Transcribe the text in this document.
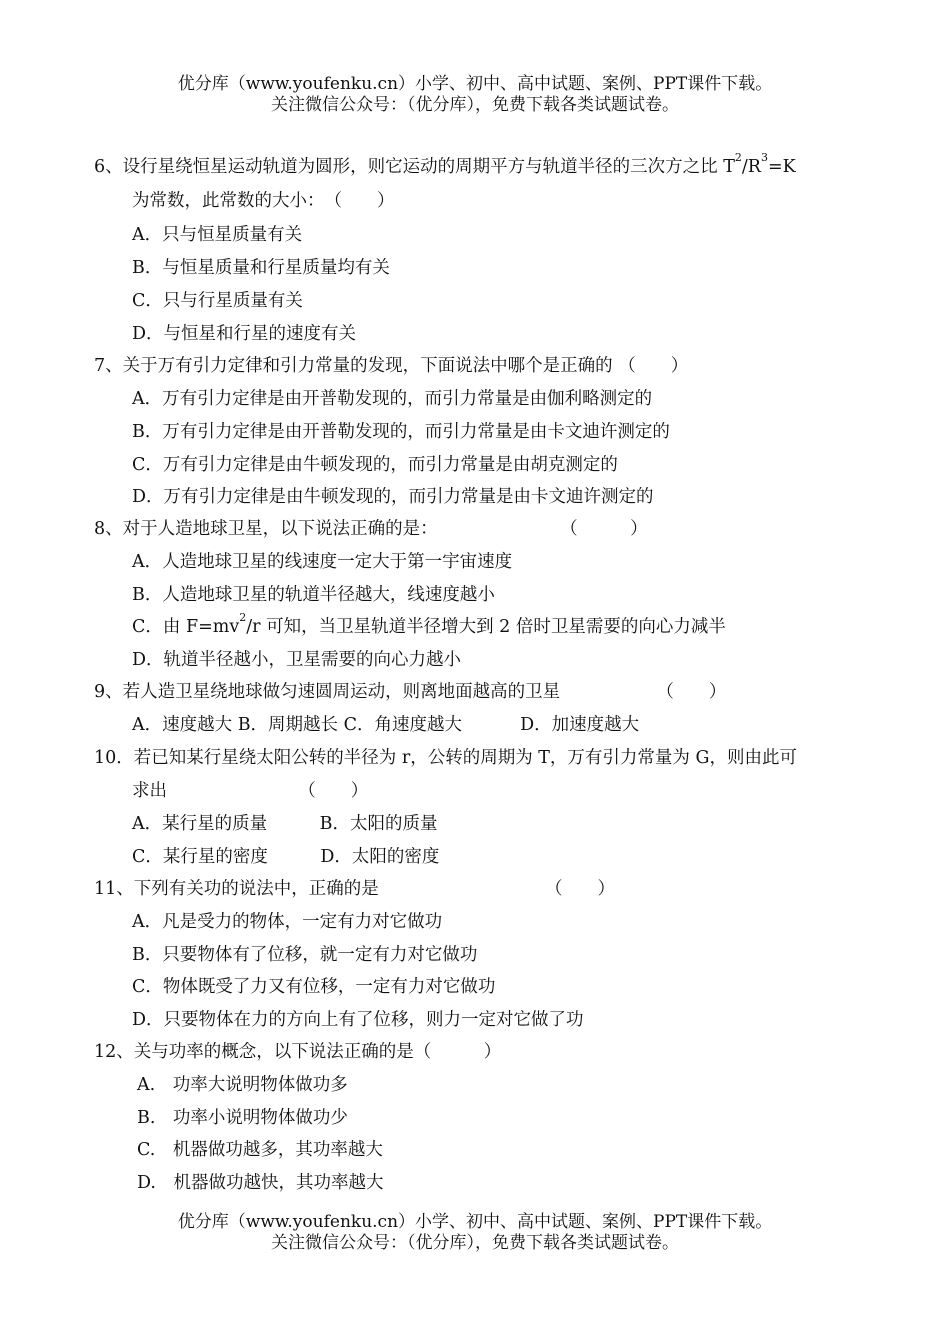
优分库（www.youfenku.cn）小学、初中、高中试题、案例、PPT课件下载。
关注微信公众号：（优分库），免费下载各类试题试卷。
6、设行星绕恒星运动轨道为圆形，则它运动的周期平方与轨道半径的三次方之比 $T^2/R^3=K$
为常数，此常数的大小：　（　　）
A．只与恒星质量有关
B．与恒星质量和行星质量均有关
C．只与行星质量有关
D．与恒星和行星的速度有关
7、关于万有引力定律和引力常量的发现，下面说法中哪个是正确的 （　　）
A．万有引力定律是由开普勒发现的，而引力常量是由伽利略测定的
B．万有引力定律是由开普勒发现的，而引力常量是由卡文迪许测定的
C．万有引力定律是由牛顿发现的，而引力常量是由胡克测定的
D．万有引力定律是由牛顿发现的，而引力常量是由卡文迪许测定的
8、对于人造地球卫星，以下说法正确的是：　　　　　　　　（　　　）
A．人造地球卫星的线速度一定大于第一宇宙速度
B．人造地球卫星的轨道半径越大，线速度越小
C．由 $F=mv^2/r$ 可知，当卫星轨道半径增大到 2 倍时卫星需要的向心力减半
D．轨道半径越小，卫星需要的向心力越小
9、若人造卫星绕地球做匀速圆周运动，则离地面越高的卫星　　　　　　（　　）
A．速度越大 B．周期越长 C．角速度越大　　　 D．加速度越大
10．若已知某行星绕太阳公转的半径为 r，公转的周期为 T，万有引力常量为 G，则由此可
求出　　　　　　　　（　　）
A．某行星的质量　　　B．太阳的质量
C．某行星的密度　　　D．太阳的密度
11、下列有关功的说法中，正确的是　　　　　　　　　　（　　）
A．凡是受力的物体，一定有力对它做功
B．只要物体有了位移，就一定有力对它做功
C．物体既受了力又有位移，一定有力对它做功
D．只要物体在力的方向上有了位移，则力一定对它做了功
12、关与功率的概念，以下说法正确的是（　　　）
A.　功率大说明物体做功多
B.　功率小说明物体做功少
C.　机器做功越多，其功率越大
D.　机器做功越快，其功率越大
优分库（www.youfenku.cn）小学、初中、高中试题、案例、PPT课件下载。
关注微信公众号：（优分库），免费下载各类试题试卷。
